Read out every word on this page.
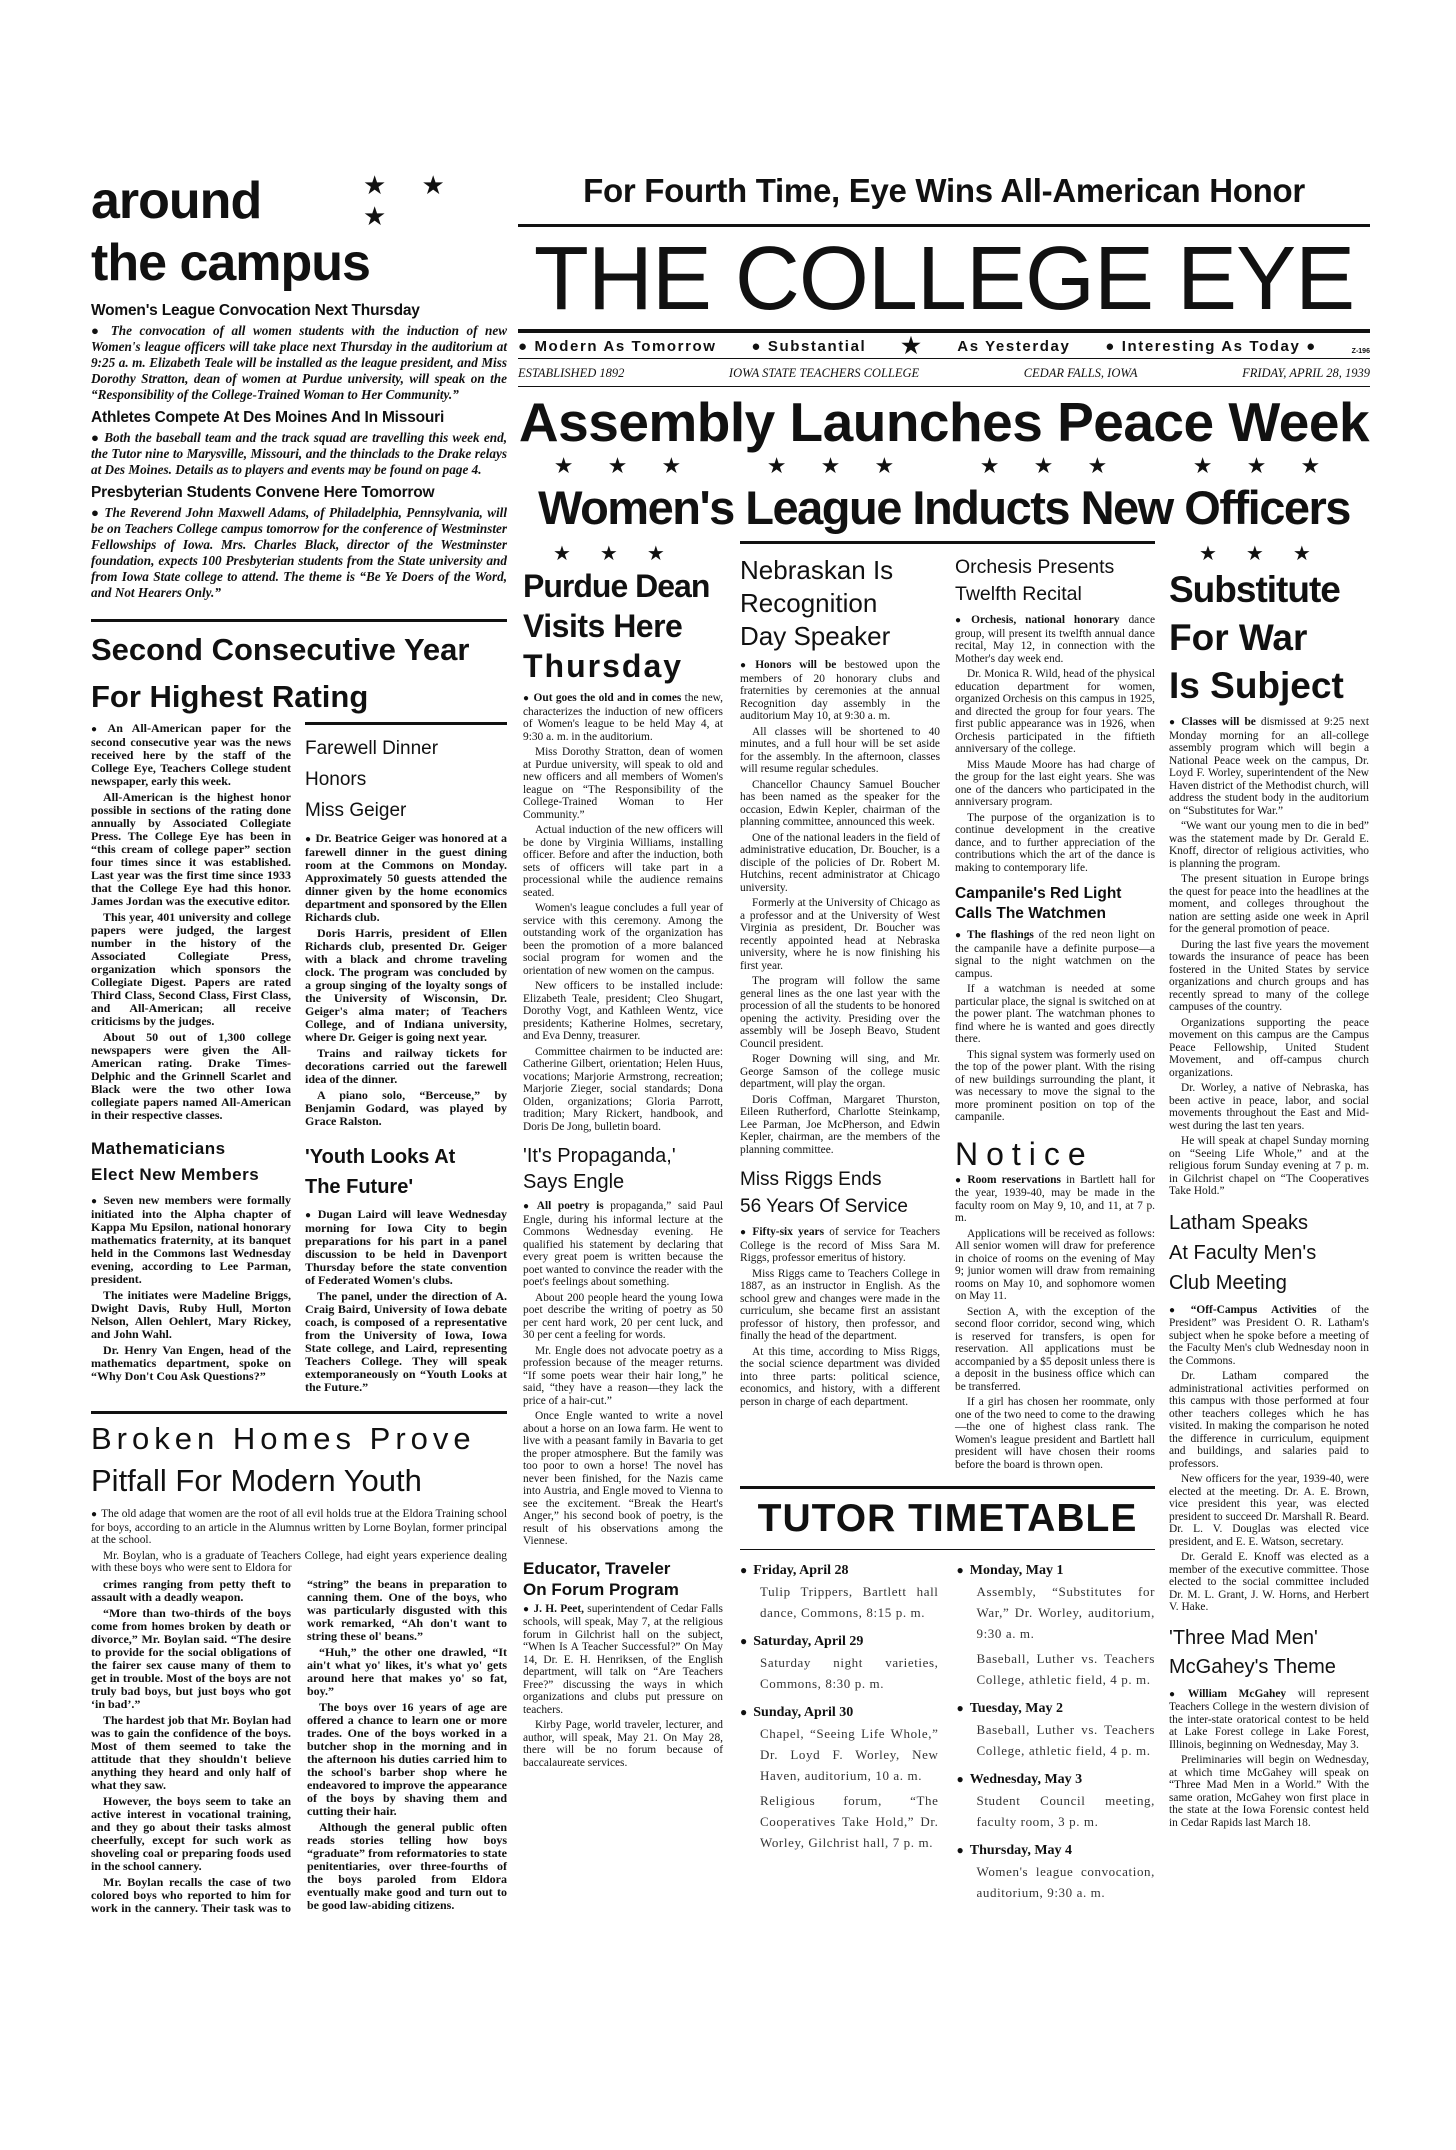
around	★ ★ ★
the campus
Women's League Convocation Next Thursday

● The convocation of all women students with the induction of new Women's league officers will take place next Thursday in the auditorium at 9:25 a. m. Elizabeth Teale will be installed as the league president, and Miss Dorothy Stratton, dean of women at Purdue university, will speak on the “Responsibility of the College-Trained Woman to Her Community.”

Athletes Compete At Des Moines And In Missouri

● Both the baseball team and the track squad are travelling this week end, the Tutor nine to Marysville, Missouri, and the thinclads to the Drake relays at Des Moines. Details as to players and events may be found on page 4.

Presbyterian Students Convene Here Tomorrow

● The Reverend John Maxwell Adams, of Philadelphia, Pennsylvania, will be on Teachers College campus tomorrow for the conference of Westminster Fellowships of Iowa. Mrs. Charles Black, director of the Westminster foundation, expects 100 Presbyterian students from the State university and from Iowa State college to attend. The theme is “Be Ye Doers of the Word, and Not Hearers Only.”

Second Consecutive Year
For Highest Rating

● An All-American paper for the second consecutive year was the news received here by the staff of the College Eye, Teachers College student newspaper, early this week.

All-American is the highest honor possible in sections of the rating done annually by Associated Collegiate Press. The College Eye has been in “this cream of college paper” section four times since it was established. Last year was the first time since 1933 that the College Eye had this honor. James Jordan was the executive editor.

This year, 401 university and college papers were judged, the largest number in the history of the Associated Collegiate Press, organization which sponsors the Collegiate Digest. Papers are rated Third Class, Second Class, First Class, and All-American; all receive criticisms by the judges.

About 50 out of 1,300 college newspapers were given the All-American rating. Drake Times-Delphic and the Grinnell Scarlet and Black were the two other Iowa collegiate papers named All-American in their respective classes.

Mathematicians
Elect New Members

● Seven new members were formally initiated into the Alpha chapter of Kappa Mu Epsilon, national honorary mathematics fraternity, at its banquet held in the Commons last Wednesday evening, according to Lee Parman, president.

The initiates were Madeline Briggs, Dwight Davis, Ruby Hull, Morton Nelson, Allen Oehlert, Mary Rickey, and John Wahl.

Dr. Henry Van Engen, head of the mathematics department, spoke on “Why Don't Cou Ask Questions?”

Farewell Dinner
Honors
Miss Geiger

● Dr. Beatrice Geiger was honored at a farewell dinner in the guest dining room at the Commons on Monday. Approximately 50 guests attended the dinner given by the home economics department and sponsored by the Ellen Richards club.

Doris Harris, president of Ellen Richards club, presented Dr. Geiger with a black and chrome traveling clock. The program was concluded by a group singing of the loyalty songs of the University of Wisconsin, Dr. Geiger's alma mater; of Teachers College, and of Indiana university, where Dr. Geiger is going next year.

Trains and railway tickets for decorations carried out the farewell idea of the dinner.

A piano solo, “Berceuse,” by Benjamin Godard, was played by Grace Ralston.

'Youth Looks At
The Future'

● Dugan Laird will leave Wednesday morning for Iowa City to begin preparations for his part in a panel discussion to be held in Davenport Thursday before the state convention of Federated Women's clubs.

The panel, under the direction of A. Craig Baird, University of Iowa debate coach, is composed of a representative from the University of Iowa, Iowa State college, and Laird, representing Teachers College. They will speak extemporaneously on “Youth Looks at the Future.”

Broken Homes Prove
Pitfall For Modern Youth

● The old adage that women are the root of all evil holds true at the Eldora Training school for boys, according to an article in the Alumnus written by Lorne Boylan, former principal at the school.

Mr. Boylan, who is a graduate of Teachers College, had eight years experience dealing with these boys who were sent to Eldora for

crimes ranging from petty theft to assault with a deadly weapon.

“More than two-thirds of the boys come from homes broken by death or divorce,” Mr. Boylan said. “The desire to provide for the social obligations of the fairer sex cause many of them to get in trouble. Most of the boys are not truly bad boys, but just boys who got ‘in bad’.”

The hardest job that Mr. Boylan had was to gain the confidence of the boys. Most of them seemed to take the attitude that they shouldn't believe anything they heard and only half of what they saw.

However, the boys seem to take an active interest in vocational training, and they go about their tasks almost cheerfully, except for such work as shoveling coal or preparing foods used in the school cannery.

Mr. Boylan recalls the case of two colored boys who reported to him for work in the cannery. Their task was to “string” the beans in preparation to canning them. One of the boys, who was particularly disgusted with this work remarked, “Ah don't want to string these ol' beans.”

“Huh,” the other one drawled, “It ain't what yo' likes, it's what yo' gets around here that makes yo' so fat, boy.”

The boys over 16 years of age are offered a chance to learn one or more trades. One of the boys worked in a butcher shop in the morning and in the afternoon his duties carried him to the school's barber shop where he endeavored to improve the appearance of the boys by shaving them and cutting their hair.

Although the general public often reads stories telling how boys “graduate” from reformatories to state penitentiaries, over three-fourths of the boys paroled from Eldora eventually make good and turn out to be good law-abiding citizens.

For Fourth Time, Eye Wins All-American Honor
THE COLLEGE EYE
● Modern As Tomorrow ● Substantial ★ As Yesterday ● Interesting As Today ●	Z-196
ESTABLISHED 1892	IOWA STATE TEACHERS COLLEGE	CEDAR FALLS, IOWA	FRIDAY, APRIL 28, 1939
Assembly Launches Peace Week
★ ★ ★	★ ★ ★	★ ★ ★	★ ★ ★
Women's League Inducts New Officers
★ ★ ★
Purdue Dean
Visits Here
Thursday

● Out goes the old and in comes the new, characterizes the induction of new officers of Women's league to be held May 4, at 9:30 a. m. in the auditorium.

Miss Dorothy Stratton, dean of women at Purdue university, will speak to old and new officers and all members of Women's league on “The Responsibility of the College-Trained Woman to Her Community.”

Actual induction of the new officers will be done by Virginia Williams, installing officer. Before and after the induction, both sets of officers will take part in a processional while the audience remains seated.

Women's league concludes a full year of service with this ceremony. Among the outstanding work of the organization has been the promotion of a more balanced social program for women and the orientation of new women on the campus.

New officers to be installed include: Elizabeth Teale, president; Cleo Shugart, Dorothy Vogt, and Kathleen Wentz, vice presidents; Katherine Holmes, secretary, and Eva Denny, treasurer.

Committee chairmen to be inducted are: Catherine Gilbert, orientation; Helen Huus, vocations; Marjorie Armstrong, recreation; Marjorie Zieger, social standards; Dona Olden, organizations; Gloria Parrott, tradition; Mary Rickert, handbook, and Doris De Jong, bulletin board.

'It's Propaganda,'
Says Engle

● All poetry is propaganda,” said Paul Engle, during his informal lecture at the Commons Wednesday evening. He qualified his statement by declaring that every great poem is written because the poet wanted to convince the reader with the poet's feelings about something.

About 200 people heard the young Iowa poet describe the writing of poetry as 50 per cent hard work, 20 per cent luck, and 30 per cent a feeling for words.

Mr. Engle does not advocate poetry as a profession because of the meager returns. “If some poets wear their hair long,” he said, “they have a reason—they lack the price of a hair-cut.”

Once Engle wanted to write a novel about a horse on an Iowa farm. He went to live with a peasant family in Bavaria to get the proper atmosphere. But the family was too poor to own a horse! The novel has never been finished, for the Nazis came into Austria, and Engle moved to Vienna to see the excitement. “Break the Heart's Anger,” his second book of poetry, is the result of his observations among the Viennese.

Educator, Traveler
On Forum Program

● J. H. Peet, superintendent of Cedar Falls schools, will speak, May 7, at the religious forum in Gilchrist hall on the subject, “When Is A Teacher Successful?” On May 14, Dr. E. H. Henriksen, of the English department, will talk on “Are Teachers Free?” discussing the ways in which organizations and clubs put pressure on teachers.

Kirby Page, world traveler, lecturer, and author, will speak, May 21. On May 28, there will be no forum because of baccalaureate services.

Nebraskan Is
Recognition
Day Speaker

● Honors will be bestowed upon the members of 20 honorary clubs and fraternities by ceremonies at the annual Recognition day assembly in the auditorium May 10, at 9:30 a. m.

All classes will be shortened to 40 minutes, and a full hour will be set aside for the assembly. In the afternoon, classes will resume regular schedules.

Chancellor Chauncy Samuel Boucher has been named as the speaker for the occasion, Edwin Kepler, chairman of the planning committee, announced this week.

One of the national leaders in the field of administrative education, Dr. Boucher, is a disciple of the policies of Dr. Robert M. Hutchins, recent administrator at Chicago university.

Formerly at the University of Chicago as a professor and at the University of West Virginia as president, Dr. Boucher was recently appointed head at Nebraska university, where he is now finishing his first year.

The program will follow the same general lines as the one last year with the procession of all the students to be honored opening the activity. Presiding over the assembly will be Joseph Beavo, Student Council president.

Roger Downing will sing, and Mr. George Samson of the college music department, will play the organ.

Doris Coffman, Margaret Thurston, Eileen Rutherford, Charlotte Steinkamp, Lee Parman, Joe McPherson, and Edwin Kepler, chairman, are the members of the planning committee.

Miss Riggs Ends
56 Years Of Service

● Fifty-six years of service for Teachers College is the record of Miss Sara M. Riggs, professor emeritus of history.

Miss Riggs came to Teachers College in 1887, as an instructor in English. As the school grew and changes were made in the curriculum, she became first an assistant professor of history, then professor, and finally the head of the department.

At this time, according to Miss Riggs, the social science department was divided into three parts: political science, economics, and history, with a different person in charge of each department.

Orchesis Presents
Twelfth Recital

● Orchesis, national honorary dance group, will present its twelfth annual dance recital, May 12, in connection with the Mother's day week end.

Dr. Monica R. Wild, head of the physical education department for women, organized Orchesis on this campus in 1925, and directed the group for four years. The first public appearance was in 1926, when Orchesis participated in the fiftieth anniversary of the college.

Miss Maude Moore has had charge of the group for the last eight years. She was one of the dancers who participated in the anniversary program.

The purpose of the organization is to continue development in the creative dance, and to further appreciation of the contributions which the art of the dance is making to contemporary life.

Campanile's Red Light
Calls The Watchmen

● The flashings of the red neon light on the campanile have a definite purpose—a signal to the night watchmen on the campus.

If a watchman is needed at some particular place, the signal is switched on at the power plant. The watchman phones to find where he is wanted and goes directly there.

This signal system was formerly used on the top of the power plant. With the rising of new buildings surrounding the plant, it was necessary to move the signal to the more prominent position on top of the campanile.

Notice

● Room reservations in Bartlett hall for the year, 1939-40, may be made in the faculty room on May 9, 10, and 11, at 7 p. m.

Applications will be received as follows: All senior women will draw for preference in choice of rooms on the evening of May 9; junior women will draw from remaining rooms on May 10, and sophomore women on May 11.

Section A, with the exception of the second floor corridor, second wing, which is reserved for transfers, is open for reservation. All applications must be accompanied by a $5 deposit unless there is a deposit in the business office which can be transferred.

If a girl has chosen her roommate, only one of the two need to come to the drawing—the one of highest class rank. The Women's league president and Bartlett hall president will have chosen their rooms before the board is thrown open.

TUTOR TIMETABLE
● Friday, April 28
Tulip Trippers, Bartlett hall dance, Commons, 8:15 p. m.
● Saturday, April 29
Saturday night varieties, Commons, 8:30 p. m.
● Sunday, April 30
Chapel, “Seeing Life Whole,” Dr. Loyd F. Worley, New Haven, auditorium, 10 a. m.
Religious forum, “The Cooperatives Take Hold,” Dr. Worley, Gilchrist hall, 7 p. m.
● Monday, May 1
Assembly, “Substitutes for War,” Dr. Worley, auditorium, 9:30 a. m.
Baseball, Luther vs. Teachers College, athletic field, 4 p. m.
● Tuesday, May 2
Baseball, Luther vs. Teachers College, athletic field, 4 p. m.
● Wednesday, May 3
Student Council meeting, faculty room, 3 p. m.
● Thursday, May 4
Women's league convocation, auditorium, 9:30 a. m.
★ ★ ★
Substitute
For War
Is Subject

● Classes will be dismissed at 9:25 next Monday morning for an all-college assembly program which will begin a National Peace week on the campus, Dr. Loyd F. Worley, superintendent of the New Haven district of the Methodist church, will address the student body in the auditorium on “Substitutes for War.”

“We want our young men to die in bed” was the statement made by Dr. Gerald E. Knoff, director of religious activities, who is planning the program.

The present situation in Europe brings the quest for peace into the headlines at the moment, and colleges throughout the nation are setting aside one week in April for the general promotion of peace.

During the last five years the movement towards the insurance of peace has been fostered in the United States by service organizations and church groups and has recently spread to many of the college campuses of the country.

Organizations supporting the peace movement on this campus are the Campus Peace Fellowship, United Student Movement, and off-campus church organizations.

Dr. Worley, a native of Nebraska, has been active in peace, labor, and social movements throughout the East and Mid-west during the last ten years.

He will speak at chapel Sunday morning on “Seeing Life Whole,” and at the religious forum Sunday evening at 7 p. m. in Gilchrist chapel on “The Cooperatives Take Hold.”

Latham Speaks
At Faculty Men's
Club Meeting

● “Off-Campus Activities of the President” was President O. R. Latham's subject when he spoke before a meeting of the Faculty Men's club Wednesday noon in the Commons.

Dr. Latham compared the administrational activities performed on this campus with those performed at four other teachers colleges which he has visited. In making the comparison he noted the difference in curriculum, equipment and buildings, and salaries paid to professors.

New officers for the year, 1939-40, were elected at the meeting. Dr. A. E. Brown, vice president this year, was elected president to succeed Dr. Marshall R. Beard. Dr. L. V. Douglas was elected vice president, and E. E. Watson, secretary.

Dr. Gerald E. Knoff was elected as a member of the executive committee. Those elected to the social committee included Dr. M. L. Grant, J. W. Horns, and Herbert V. Hake.

'Three Mad Men'
McGahey's Theme

● William McGahey will represent Teachers College in the western division of the inter-state oratorical contest to be held at Lake Forest college in Lake Forest, Illinois, beginning on Wednesday, May 3.

Preliminaries will begin on Wednesday, at which time McGahey will speak on “Three Mad Men in a World.” With the same oration, McGahey won first place in the state at the Iowa Forensic contest held in Cedar Rapids last March 18.
